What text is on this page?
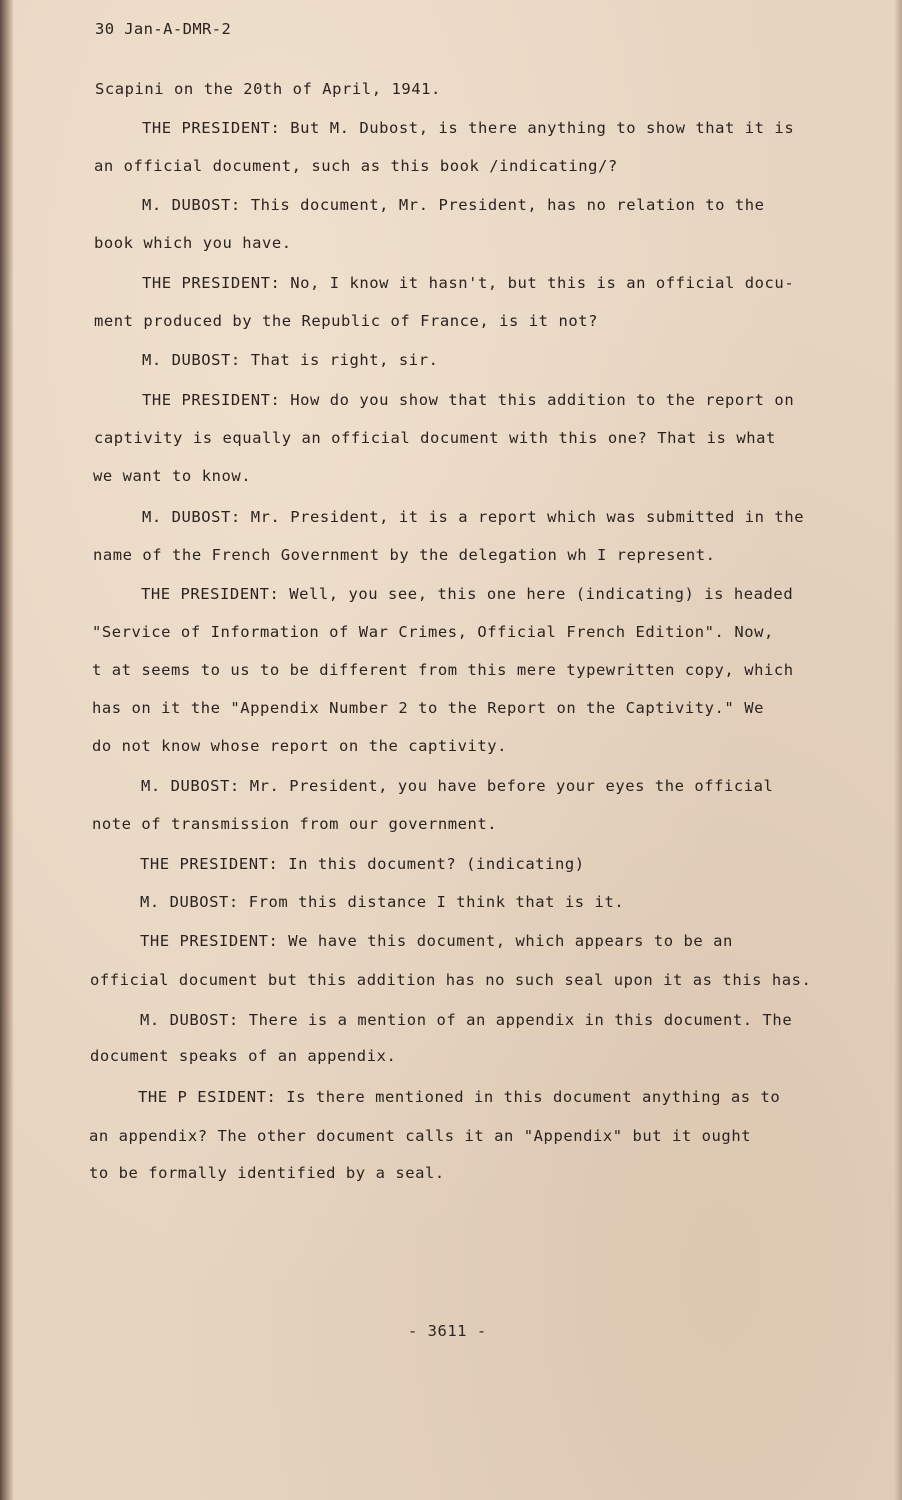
30 Jan-A-DMR-2
Scapini on the 20th of April, 1941.
THE PRESIDENT: But M. Dubost, is there anything to show that it is
an official document, such as this book /indicating/?
M. DUBOST: This document, Mr. President, has no relation to the
book which you have.
THE PRESIDENT: No, I know it hasn't, but this is an official docu-
ment produced by the Republic of France, is it not?
M. DUBOST: That is right, sir.
THE PRESIDENT: How do you show that this addition to the report on
captivity is equally an official document with this one? That is what
we want to know.
M. DUBOST: Mr. President, it is a report which was submitted in the
name of the French Government by the delegation wh I represent.
THE PRESIDENT: Well, you see, this one here (indicating) is headed
"Service of Information of War Crimes, Official French Edition". Now,
t at seems to us to be different from this mere typewritten copy, which
has on it the "Appendix Number 2 to the Report on the Captivity." We
do not know whose report on the captivity.
M. DUBOST: Mr. President, you have before your eyes the official
note of transmission from our government.
THE PRESIDENT: In this document? (indicating)
M. DUBOST: From this distance I think that is it.
THE PRESIDENT: We have this document, which appears to be an
official document but this addition has no such seal upon it as this has.
M. DUBOST: There is a mention of an appendix in this document. The
document speaks of an appendix.
THE P ESIDENT: Is there mentioned in this document anything as to
an appendix? The other document calls it an "Appendix" but it ought
to be formally identified by a seal.
- 3611 -
